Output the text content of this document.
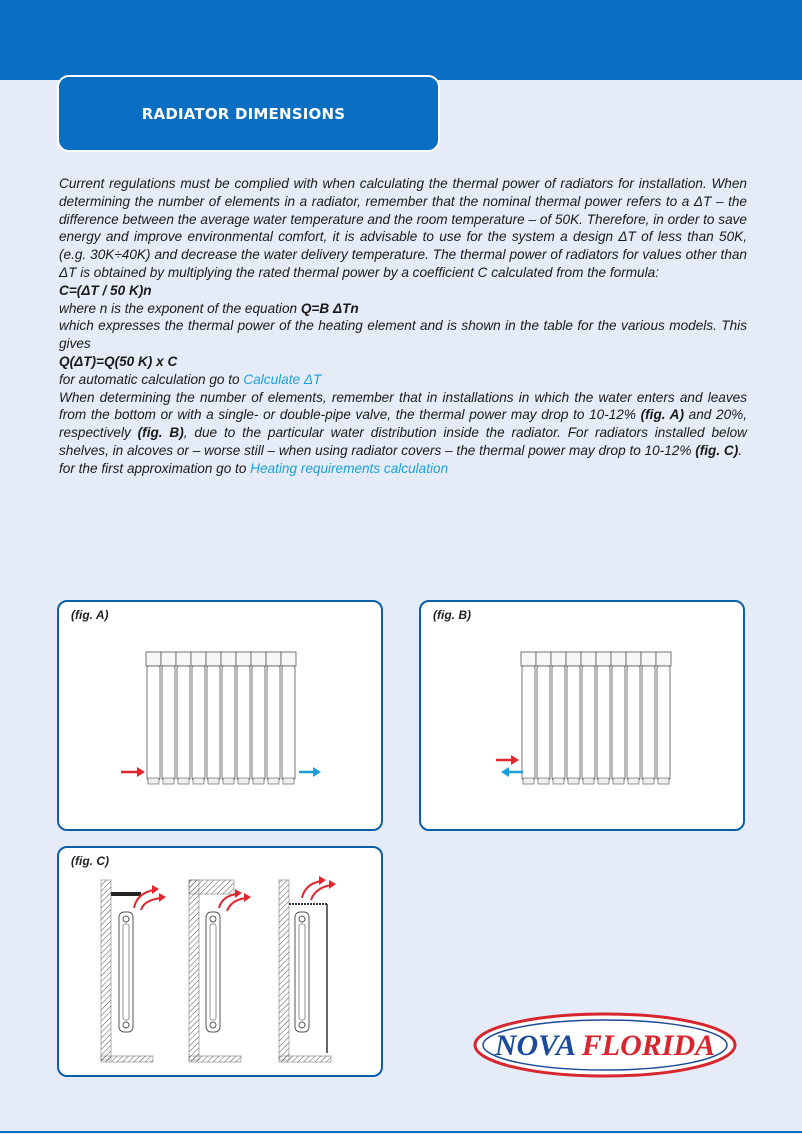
RADIATOR DIMENSIONS

Current regulations must be complied with when calculating the thermal power of radiators for installation. When determining the number of elements in a radiator, remember that the nominal thermal power refers to a ΔT – the difference between the average water temperature and the room temperature – of 50K. Therefore, in order to save energy and improve environmental comfort, it is advisable to use for the system a design ΔT of less than 50K, (e.g. 30K÷40K) and decrease the water delivery temperature. The thermal power of radiators for values other than ΔT is obtained by multiplying the rated thermal power by a coefficient C calculated from the formula:

C=(ΔT / 50 K)n

where n is the exponent of the equation Q=B ΔTn

which expresses the thermal power of the heating element and is shown in the table for the various models. This gives

Q(ΔT)=Q(50 K) x C

for automatic calculation go to Calculate ΔT

When determining the number of elements, remember that in installations in which the water enters and leaves from the bottom or with a single- or double-pipe valve, the thermal power may drop to 10-12% (fig. A) and 20%, respectively (fig. B), due to the particular water distribution inside the radiator. For radiators installed below shelves, in alcoves or – worse still – when using radiator covers – the thermal power may drop to 10-12% (fig. C).

for the first approximation go to Heating requirements calculation

(fig. A)	(fig. B)
(fig. C)
NOVA FLORIDA
